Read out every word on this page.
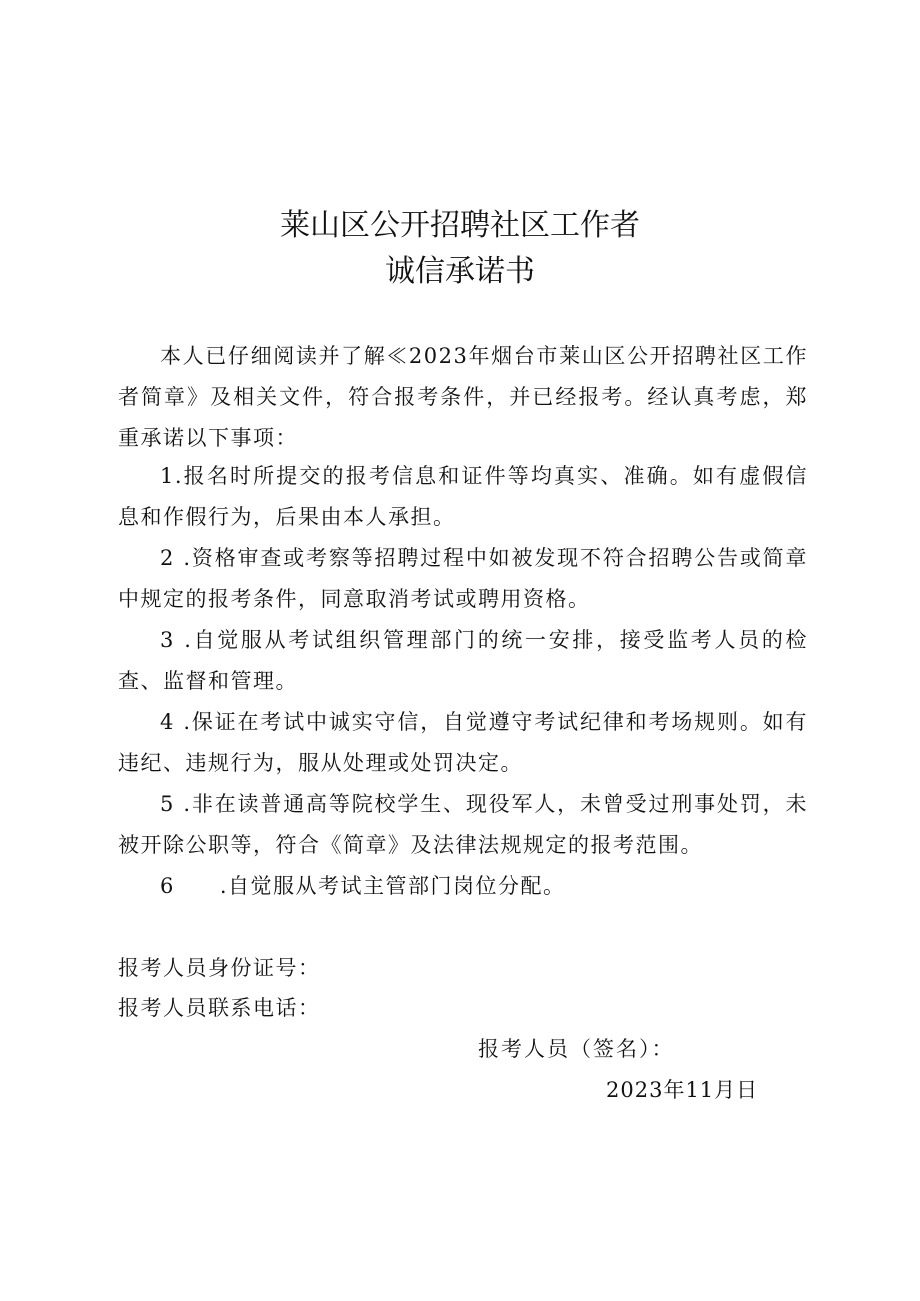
莱山区公开招聘社区工作者
诚信承诺书

本人已仔细阅读并了解≪2023年烟台市莱山区公开招聘社区工作者简章》及相关文件，符合报考条件，并已经报考。经认真考虑，郑重承诺以下事项：

1.报名时所提交的报考信息和证件等均真实、准确。如有虚假信息和作假行为，后果由本人承担。

2 .资格审查或考察等招聘过程中如被发现不符合招聘公告或简章中规定的报考条件，同意取消考试或聘用资格。

3 .自觉服从考试组织管理部门的统一安排，接受监考人员的检查、监督和管理。

4 .保证在考试中诚实守信，自觉遵守考试纪律和考场规则。如有违纪、违规行为，服从处理或处罚决定。

5 .非在读普通高等院校学生、现役军人，未曾受过刑事处罚，未被开除公职等，符合《简章》及法律法规规定的报考范围。

6　　.自觉服从考试主管部门岗位分配。

报考人员身份证号：
报考人员联系电话：
报考人员（签名）：
2023年11月日
